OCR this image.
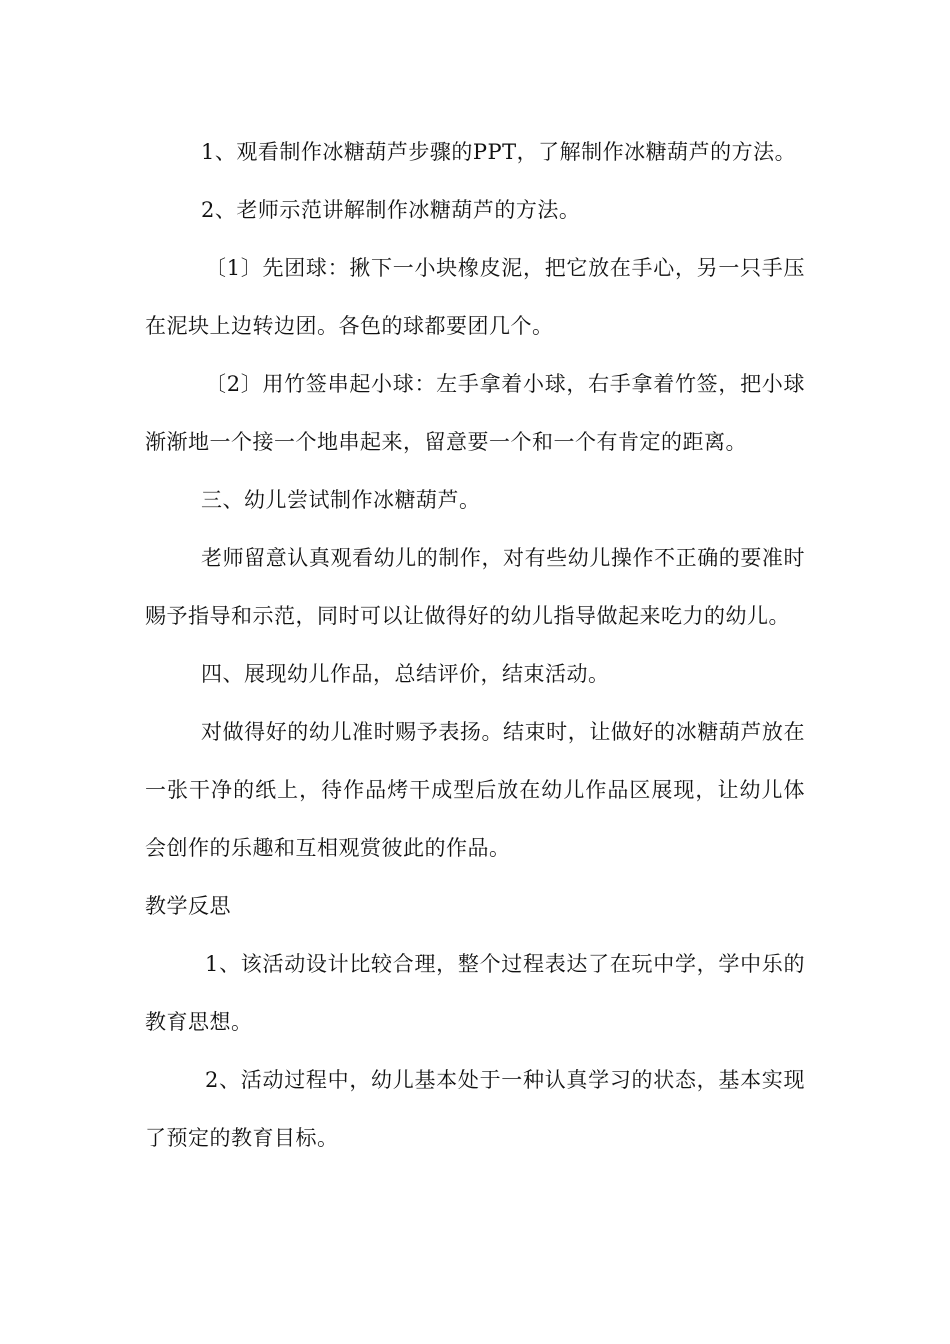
1、观看制作冰糖葫芦步骤的PPT，了解制作冰糖葫芦的方法。

2、老师示范讲解制作冰糖葫芦的方法。

〔1〕先团球：揪下一小块橡皮泥，把它放在手心，另一只手压在泥块上边转边团。各色的球都要团几个。

〔2〕用竹签串起小球：左手拿着小球，右手拿着竹签，把小球渐渐地一个接一个地串起来，留意要一个和一个有肯定的距离。

三、幼儿尝试制作冰糖葫芦。

老师留意认真观看幼儿的制作，对有些幼儿操作不正确的要准时赐予指导和示范，同时可以让做得好的幼儿指导做起来吃力的幼儿。

四、展现幼儿作品，总结评价，结束活动。

对做得好的幼儿准时赐予表扬。结束时，让做好的冰糖葫芦放在一张干净的纸上，待作品烤干成型后放在幼儿作品区展现，让幼儿体会创作的乐趣和互相观赏彼此的作品。

教学反思

1、该活动设计比较合理，整个过程表达了在玩中学，学中乐的教育思想。

2、活动过程中，幼儿基本处于一种认真学习的状态，基本实现了预定的教育目标。
